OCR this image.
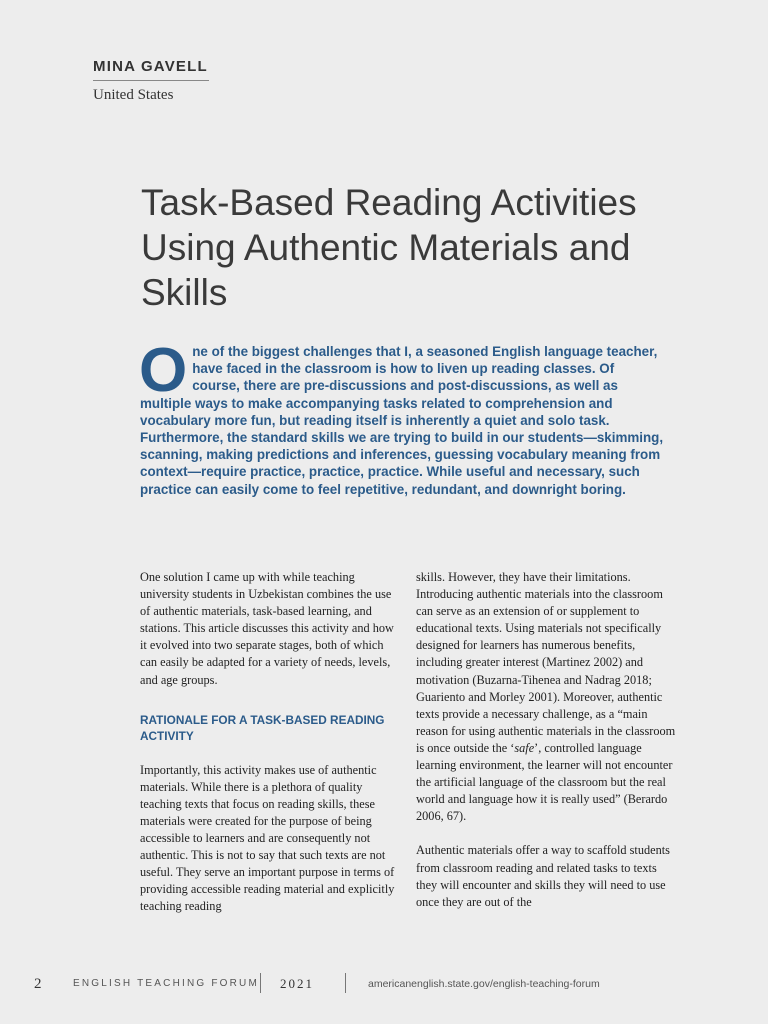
MINA GAVELL
United States
Task-Based Reading Activities Using Authentic Materials and Skills

One of the biggest challenges that I, a seasoned English language teacher, have faced in the classroom is how to liven up reading classes. Of course, there are pre-discussions and post-discussions, as well as multiple ways to make accompanying tasks related to comprehension and vocabulary more fun, but reading itself is inherently a quiet and solo task. Furthermore, the standard skills we are trying to build in our students—skimming, scanning, making predictions and inferences, guessing vocabulary meaning from context—require practice, practice, practice. While useful and necessary, such practice can easily come to feel repetitive, redundant, and downright boring.

One solution I came up with while teaching university students in Uzbekistan combines the use of authentic materials, task-based learning, and stations. This article discusses this activity and how it evolved into two separate stages, both of which can easily be adapted for a variety of needs, levels, and age groups.

RATIONALE FOR A TASK-BASED READING ACTIVITY

Importantly, this activity makes use of authentic materials. While there is a plethora of quality teaching texts that focus on reading skills, these materials were created for the purpose of being accessible to learners and are consequently not authentic. This is not to say that such texts are not useful. They serve an important purpose in terms of providing accessible reading material and explicitly teaching reading

skills. However, they have their limitations. Introducing authentic materials into the classroom can serve as an extension of or supplement to educational texts. Using materials not specifically designed for learners has numerous benefits, including greater interest (Martinez 2002) and motivation (Buzarna-Tihenea and Nadrag 2018; Guariento and Morley 2001). Moreover, authentic texts provide a necessary challenge, as a “main reason for using authentic materials in the classroom is once outside the ‘safe’, controlled language learning environment, the learner will not encounter the artificial language of the classroom but the real world and language how it is really used” (Berardo 2006, 67).

Authentic materials offer a way to scaffold students from classroom reading and related tasks to texts they will encounter and skills they will need to use once they are out of the

2	ENGLISH TEACHING FORUM 2021	americanenglish.state.gov/english-teaching-forum
